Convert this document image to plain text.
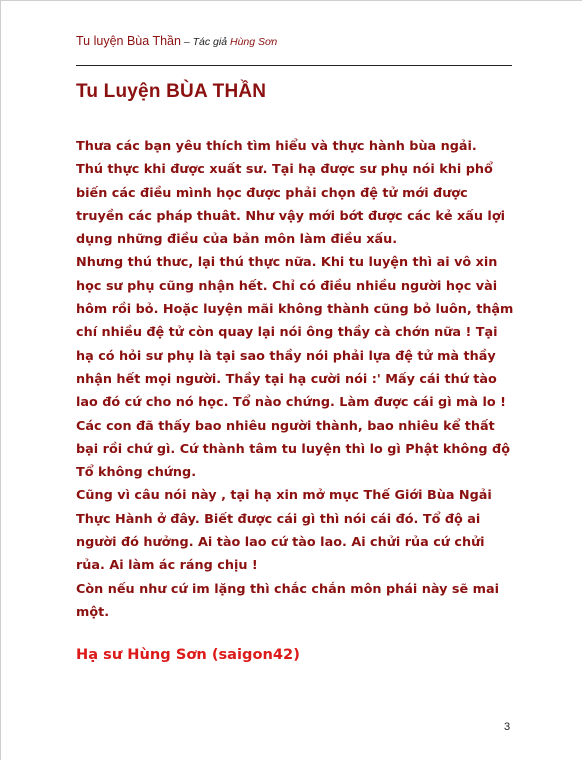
Tu luyện Bùa Thần – Tác giả Hùng Sơn
Tu Luyện BÙA THẦN
Thưa các bạn yêu thích tìm hiểu và thực hành bùa ngải.
Thú thực khi được xuất sư. Tại hạ được sư phụ nói khi phổ
biến các điều mình học được phải chọn đệ tử mới được
truyền các pháp thuât. Như vậy mới bớt được các kẻ xấu lợi
dụng những điều của bản môn làm điều xấu.
Nhưng thú thưc, lại thú thực nữa. Khi tu luyện thì ai vô xin
học sư phụ cũng nhận hết. Chỉ có điều nhiều người học vài
hôm rồi bỏ. Hoặc luyện mãi không thành cũng bỏ luôn, thậm
chí nhiều đệ tử còn quay lại nói ông thầy cà chớn nữa ! Tại
hạ có hỏi sư phụ là tại sao thầy nói phải lựa đệ tử mà thầy
nhận hết mọi người. Thầy tại hạ cười nói :' Mấy cái thứ tào
lao đó cứ cho nó học. Tổ nào chứng. Làm được cái gì mà lo !
Các con đã thấy bao nhiêu người thành, bao nhiêu kể thất
bại rồi chứ gì. Cứ thành tâm tu luyện thì lo gì Phật không độ
Tổ không chứng.
Cũng vì câu nói này , tại hạ xin mở mục Thế Giới Bùa Ngải
Thực Hành ở đây. Biết được cái gì thì nói cái đó. Tổ độ ai
người đó hưởng. Ai tào lao cứ tào lao. Ai chửi rủa cứ chửi
rủa. Ai làm ác ráng chịu !
Còn nếu như cứ im lặng thì chắc chắn môn phái này sẽ mai
một.

Hạ sư Hùng Sơn (saigon42)

3
